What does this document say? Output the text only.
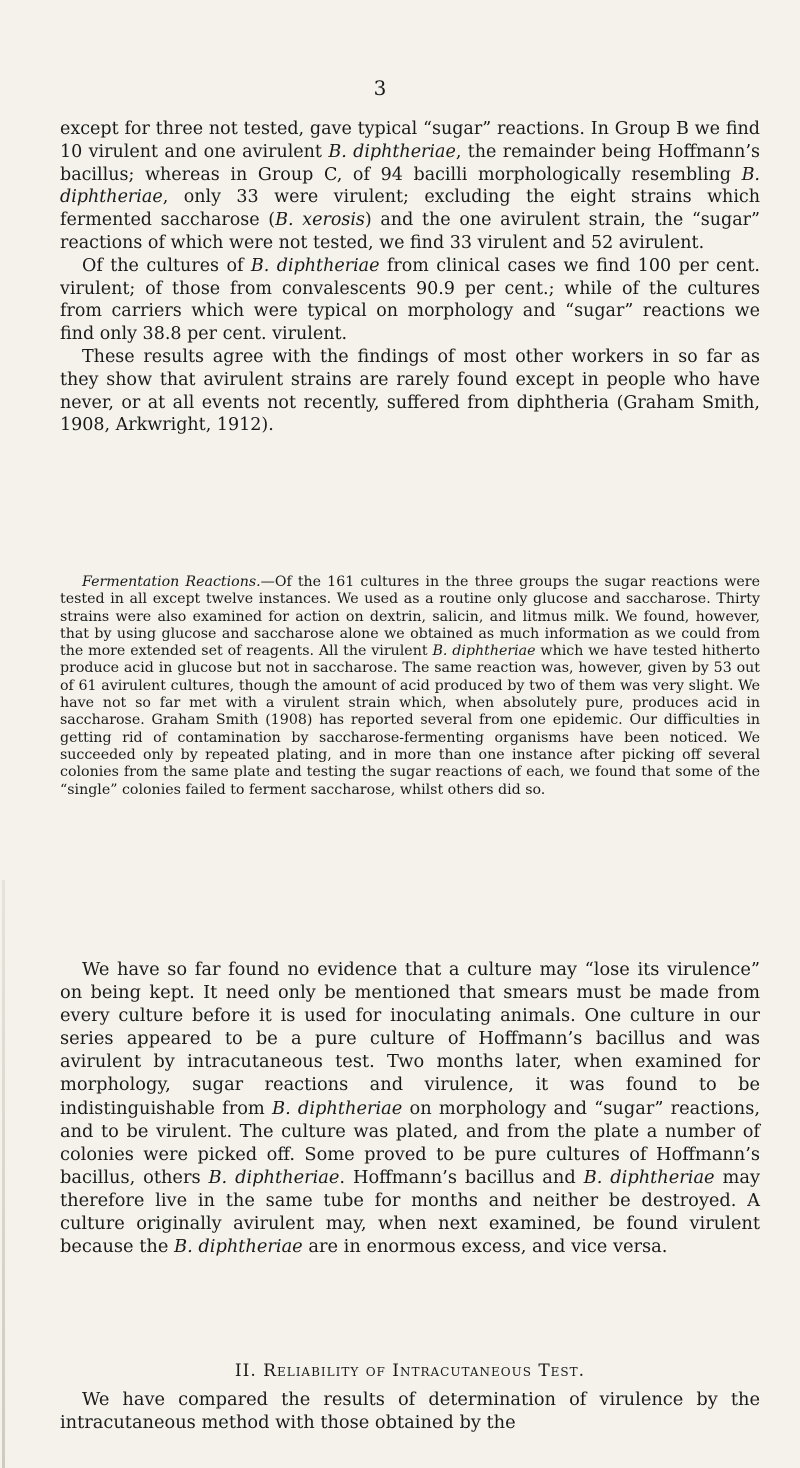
3
except for three not tested, gave typical “sugar” reactions. In Group B we find 10 virulent and one avirulent B. diphtheriae, the remainder being Hoffmann’s bacillus; whereas in Group C, of 94 bacilli morphologically resembling B. diphtheriae, only 33 were virulent; excluding the eight strains which fermented saccharose (B. xerosis) and the one avirulent strain, the “sugar” reactions of which were not tested, we find 33 virulent and 52 avirulent.
Of the cultures of B. diphtheriae from clinical cases we find 100 per cent. virulent; of those from convalescents 90.9 per cent.; while of the cultures from carriers which were typical on morphology and “sugar” reactions we find only 38.8 per cent. virulent.
These results agree with the findings of most other workers in so far as they show that avirulent strains are rarely found except in people who have never, or at all events not recently, suffered from diphtheria (Graham Smith, 1908, Arkwright, 1912).
Fermentation Reactions.—Of the 161 cultures in the three groups the sugar reactions were tested in all except twelve instances. We used as a routine only glucose and saccharose. Thirty strains were also examined for action on dextrin, salicin, and litmus milk. We found, however, that by using glucose and saccharose alone we obtained as much information as we could from the more extended set of reagents. All the virulent B. diphtheriae which we have tested hitherto produce acid in glucose but not in saccharose. The same reaction was, however, given by 53 out of 61 avirulent cultures, though the amount of acid produced by two of them was very slight. We have not so far met with a virulent strain which, when absolutely pure, produces acid in saccharose. Graham Smith (1908) has reported several from one epidemic. Our difficulties in getting rid of contamination by saccharose-fermenting organisms have been noticed. We succeeded only by repeated plating, and in more than one instance after picking off several colonies from the same plate and testing the sugar reactions of each, we found that some of the “single” colonies failed to ferment saccharose, whilst others did so.
We have so far found no evidence that a culture may “lose its virulence” on being kept. It need only be mentioned that smears must be made from every culture before it is used for inoculating animals. One culture in our series appeared to be a pure culture of Hoffmann’s bacillus and was avirulent by intracutaneous test. Two months later, when examined for morphology, sugar reactions and virulence, it was found to be indistinguishable from B. diphtheriae on morphology and “sugar” reactions, and to be virulent. The culture was plated, and from the plate a number of colonies were picked off. Some proved to be pure cultures of Hoffmann’s bacillus, others B. diphtheriae. Hoffmann’s bacillus and B. diphtheriae may therefore live in the same tube for months and neither be destroyed. A culture originally avirulent may, when next examined, be found virulent because the B. diphtheriae are in enormous excess, and vice versa.
II. Reliability of Intracutaneous Test.
We have compared the results of determination of virulence by the intracutaneous method with those obtained by the
